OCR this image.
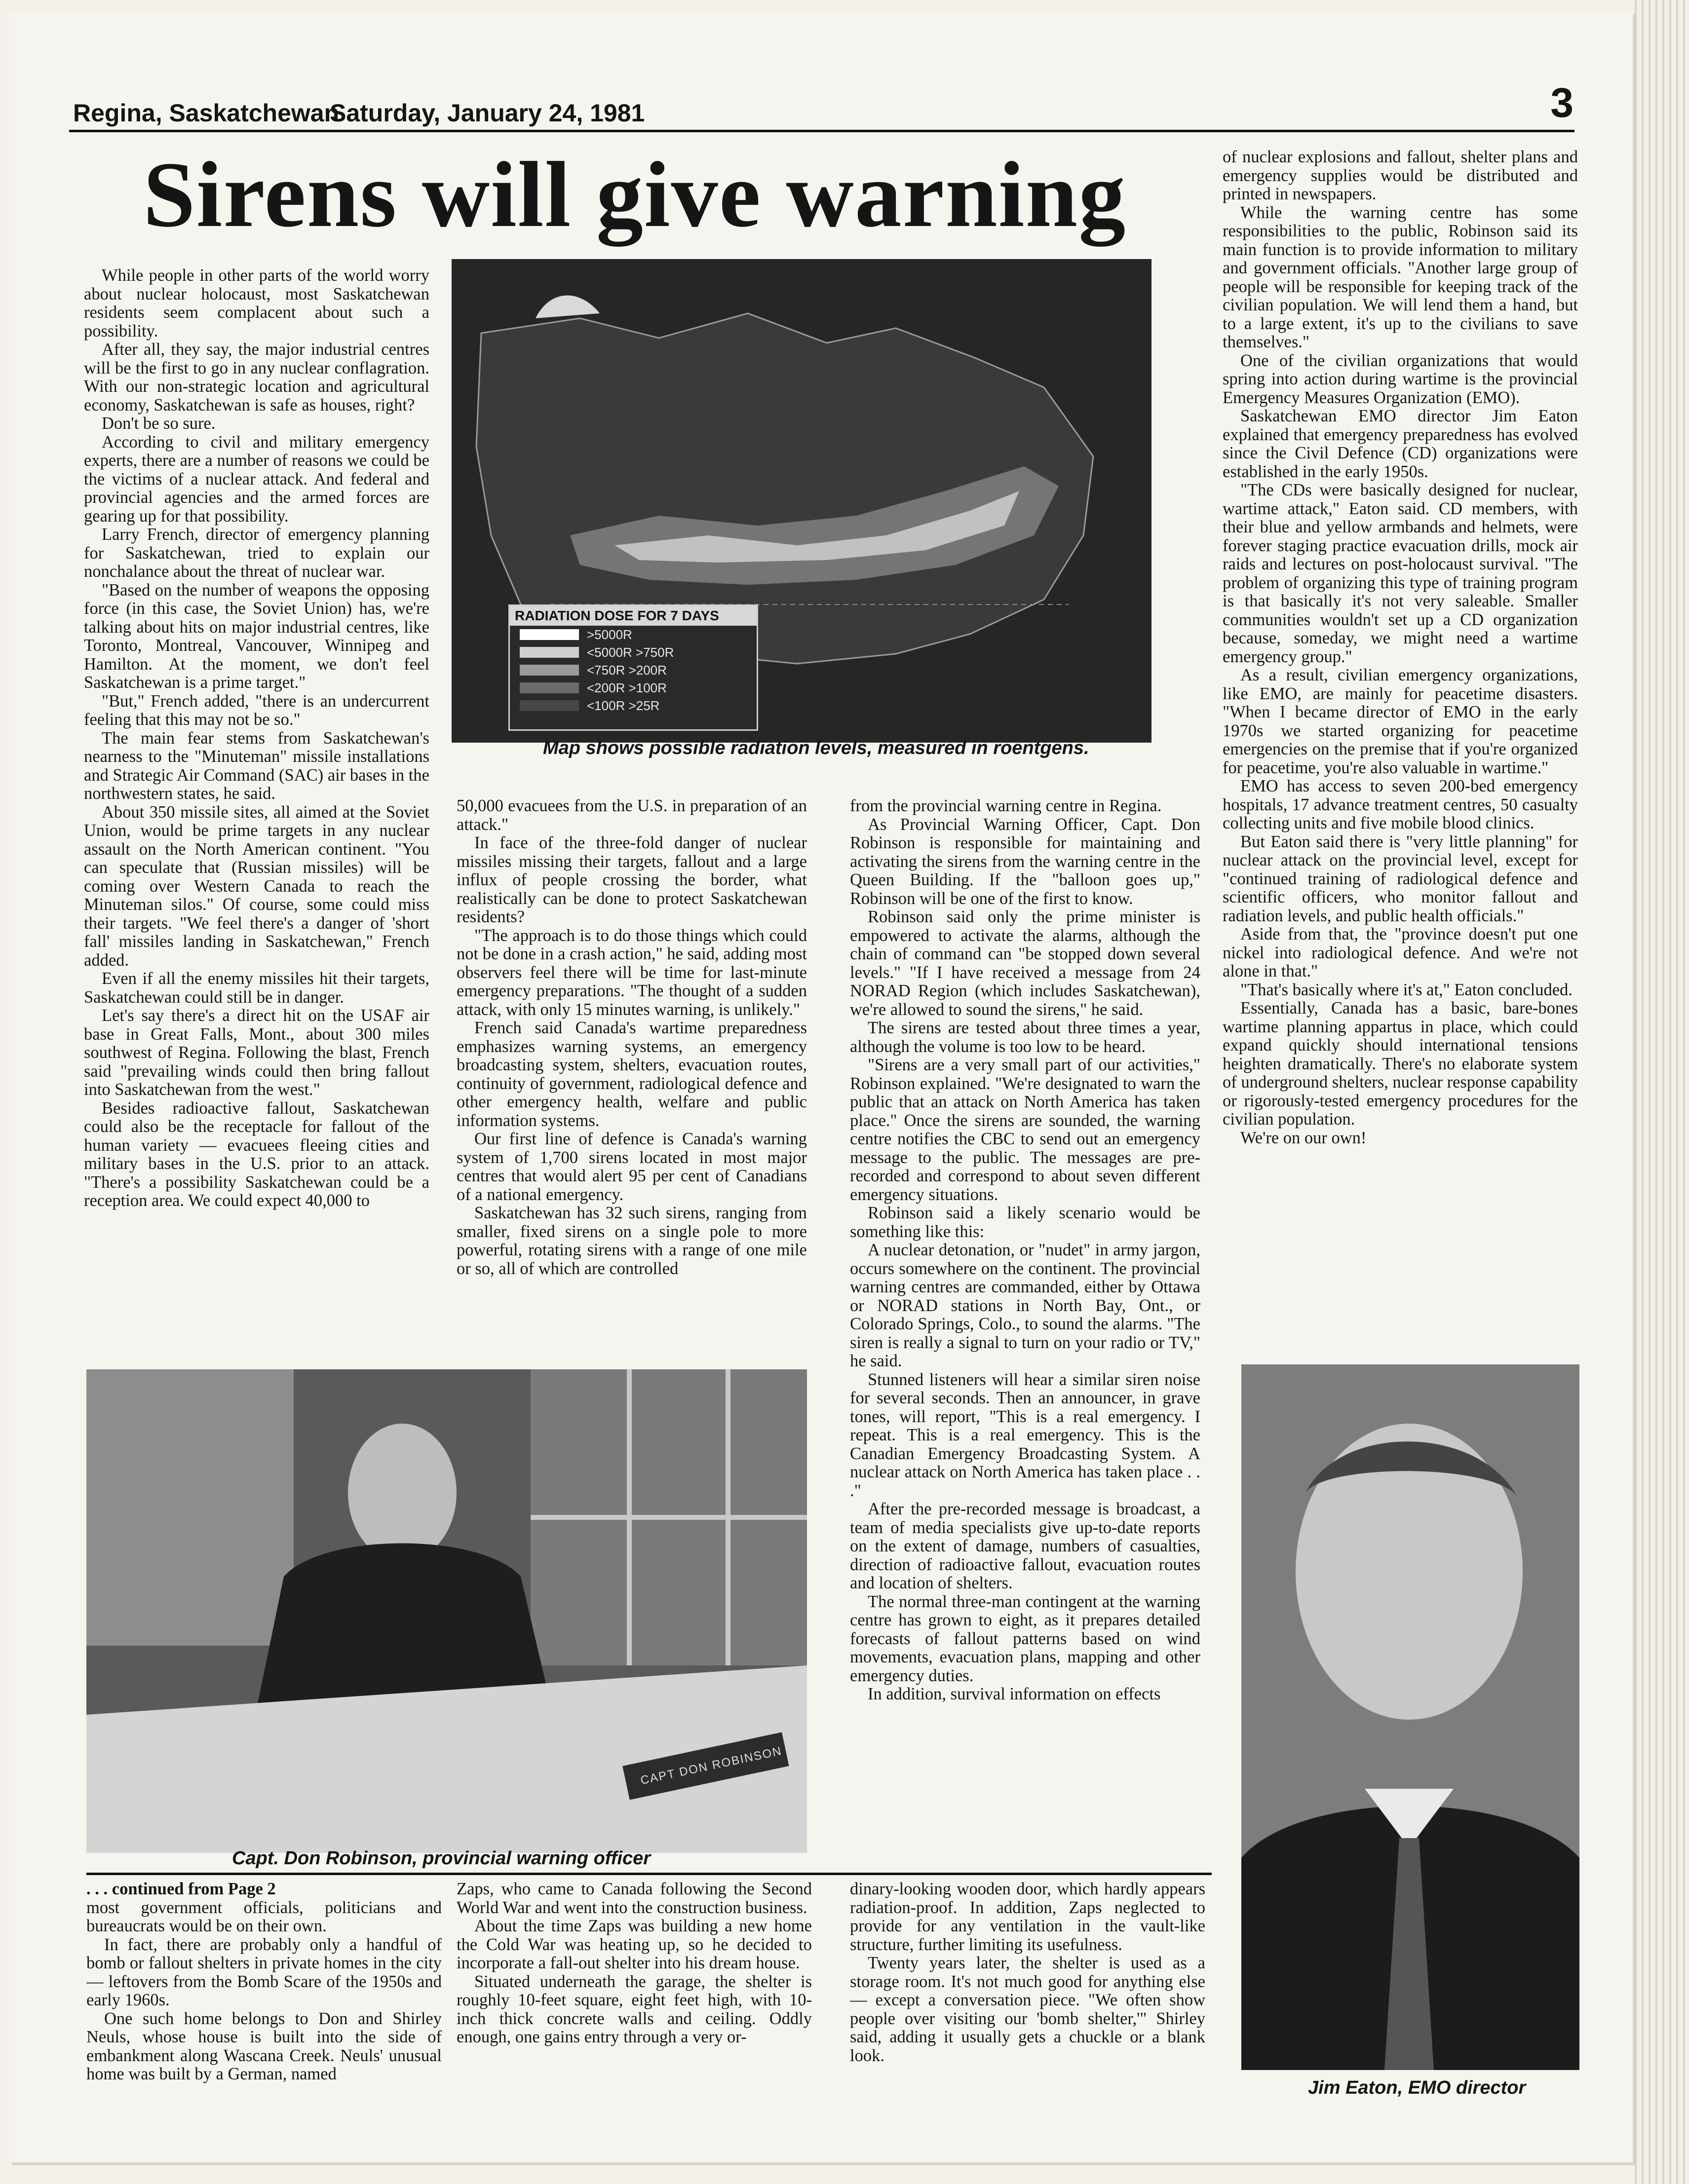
Regina, Saskatchewan
Saturday, January 24, 1981	3
Sirens will give warning

While people in other parts of the world worry about nuclear holocaust, most Saskatchewan residents seem complacent about such a possibility.

After all, they say, the major industrial centres will be the first to go in any nuclear conflagration. With our non-strategic location and agricultural economy, Saskatchewan is safe as houses, right?

Don't be so sure.

According to civil and military emergency experts, there are a number of reasons we could be the victims of a nuclear attack. And federal and provincial agencies and the armed forces are gearing up for that possibility.

Larry French, director of emergency planning for Saskatchewan, tried to explain our nonchalance about the threat of nuclear war.

"Based on the number of weapons the opposing force (in this case, the Soviet Union) has, we're talking about hits on major industrial centres, like Toronto, Montreal, Vancouver, Winnipeg and Hamilton. At the moment, we don't feel Saskatchewan is a prime target."

"But," French added, "there is an undercurrent feeling that this may not be so."

The main fear stems from Saskatchewan's nearness to the "Minuteman" missile installations and Strategic Air Command (SAC) air bases in the northwestern states, he said.

About 350 missile sites, all aimed at the Soviet Union, would be prime targets in any nuclear assault on the North American continent. "You can speculate that (Russian missiles) will be coming over Western Canada to reach the Minuteman silos." Of course, some could miss their targets. "We feel there's a danger of 'short fall' missiles landing in Saskatchewan," French added.

Even if all the enemy missiles hit their targets, Saskatchewan could still be in danger.

Let's say there's a direct hit on the USAF air base in Great Falls, Mont., about 300 miles southwest of Regina. Following the blast, French said "prevailing winds could then bring fallout into Saskatchewan from the west."

Besides radioactive fallout, Saskatchewan could also be the receptacle for fallout of the human variety — evacuees fleeing cities and military bases in the U.S. prior to an attack. "There's a possibility Saskatchewan could be a reception area. We could expect 40,000 to

RADIATION DOSE FOR 7 DAYS
>5000R
<5000R >750R
<750R >200R
<200R >100R
<100R >25R
Map shows possible radiation levels, measured in roentgens.

50,000 evacuees from the U.S. in preparation of an attack."

In face of the three-fold danger of nuclear missiles missing their targets, fallout and a large influx of people crossing the border, what realistically can be done to protect Saskatchewan residents?

"The approach is to do those things which could not be done in a crash action," he said, adding most observers feel there will be time for last-minute emergency preparations. "The thought of a sudden attack, with only 15 minutes warning, is unlikely."

French said Canada's wartime preparedness emphasizes warning systems, an emergency broadcasting system, shelters, evacuation routes, continuity of government, radiological defence and other emergency health, welfare and public information systems.

Our first line of defence is Canada's warning system of 1,700 sirens located in most major centres that would alert 95 per cent of Canadians of a national emergency.

Saskatchewan has 32 such sirens, ranging from smaller, fixed sirens on a single pole to more powerful, rotating sirens with a range of one mile or so, all of which are controlled

from the provincial warning centre in Regina.

As Provincial Warning Officer, Capt. Don Robinson is responsible for maintaining and activating the sirens from the warning centre in the Queen Building. If the "balloon goes up," Robinson will be one of the first to know.

Robinson said only the prime minister is empowered to activate the alarms, although the chain of command can "be stopped down several levels." "If I have received a message from 24 NORAD Region (which includes Saskatchewan), we're allowed to sound the sirens," he said.

The sirens are tested about three times a year, although the volume is too low to be heard.

"Sirens are a very small part of our activities," Robinson explained. "We're designated to warn the public that an attack on North America has taken place." Once the sirens are sounded, the warning centre notifies the CBC to send out an emergency message to the public. The messages are pre-recorded and correspond to about seven different emergency situations.

Robinson said a likely scenario would be something like this:

A nuclear detonation, or "nudet" in army jargon, occurs somewhere on the continent. The provincial warning centres are commanded, either by Ottawa or NORAD stations in North Bay, Ont., or Colorado Springs, Colo., to sound the alarms. "The siren is really a signal to turn on your radio or TV," he said.

Stunned listeners will hear a similar siren noise for several seconds. Then an announcer, in grave tones, will report, "This is a real emergency. I repeat. This is a real emergency. This is the Canadian Emergency Broadcasting System. A nuclear attack on North America has taken place . . ."

After the pre-recorded message is broadcast, a team of media specialists give up-to-date reports on the extent of damage, numbers of casualties, direction of radioactive fallout, evacuation routes and location of shelters.

The normal three-man contingent at the warning centre has grown to eight, as it prepares detailed forecasts of fallout patterns based on wind movements, evacuation plans, mapping and other emergency duties.

In addition, survival information on effects

of nuclear explosions and fallout, shelter plans and emergency supplies would be distributed and printed in newspapers.

While the warning centre has some responsibilities to the public, Robinson said its main function is to provide information to military and government officials. "Another large group of people will be responsible for keeping track of the civilian population. We will lend them a hand, but to a large extent, it's up to the civilians to save themselves."

One of the civilian organizations that would spring into action during wartime is the provincial Emergency Measures Organization (EMO).

Saskatchewan EMO director Jim Eaton explained that emergency preparedness has evolved since the Civil Defence (CD) organizations were established in the early 1950s.

"The CDs were basically designed for nuclear, wartime attack," Eaton said. CD members, with their blue and yellow armbands and helmets, were forever staging practice evacuation drills, mock air raids and lectures on post-holocaust survival. "The problem of organizing this type of training program is that basically it's not very saleable. Smaller communities wouldn't set up a CD organization because, someday, we might need a wartime emergency group."

As a result, civilian emergency organizations, like EMO, are mainly for peacetime disasters. "When I became director of EMO in the early 1970s we started organizing for peacetime emergencies on the premise that if you're organized for peacetime, you're also valuable in wartime."

EMO has access to seven 200-bed emergency hospitals, 17 advance treatment centres, 50 casualty collecting units and five mobile blood clinics.

But Eaton said there is "very little planning" for nuclear attack on the provincial level, except for "continued training of radiological defence and scientific officers, who monitor fallout and radiation levels, and public health officials."

Aside from that, the "province doesn't put one nickel into radiological defence. And we're not alone in that."

"That's basically where it's at," Eaton concluded.

Essentially, Canada has a basic, bare-bones wartime planning appartus in place, which could expand quickly should international tensions heighten dramatically. There's no elaborate system of underground shelters, nuclear response capability or rigorously-tested emergency procedures for the civilian population.

We're on our own!

CAPT DON ROBINSON
Capt. Don Robinson, provincial warning officer
Jim Eaton, EMO director

. . . continued from Page 2

most government officials, politicians and bureaucrats would be on their own.

In fact, there are probably only a handful of bomb or fallout shelters in private homes in the city — leftovers from the Bomb Scare of the 1950s and early 1960s.

One such home belongs to Don and Shirley Neuls, whose house is built into the side of embankment along Wascana Creek. Neuls' unusual home was built by a German, named

Zaps, who came to Canada following the Second World War and went into the construction business.

About the time Zaps was building a new home the Cold War was heating up, so he decided to incorporate a fall-out shelter into his dream house.

Situated underneath the garage, the shelter is roughly 10-feet square, eight feet high, with 10-inch thick concrete walls and ceiling. Oddly enough, one gains entry through a very or-

dinary-looking wooden door, which hardly appears radiation-proof. In addition, Zaps neglected to provide for any ventilation in the vault-like structure, further limiting its usefulness.

Twenty years later, the shelter is used as a storage room. It's not much good for anything else — except a conversation piece. "We often show people over visiting our 'bomb shelter,'" Shirley said, adding it usually gets a chuckle or a blank look.
